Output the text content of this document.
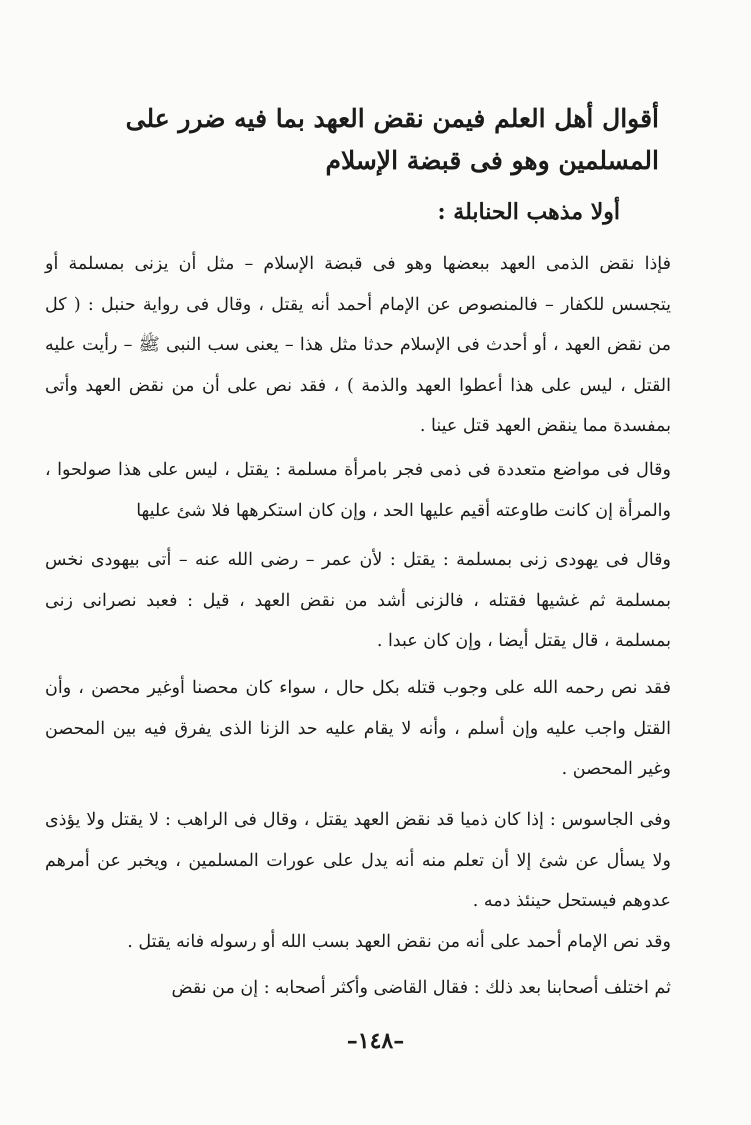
أقوال أهل العلم فيمن نقض العهد بما فيه ضرر على المسلمين وهو فى قبضة الإسلام
أولا مذهب الحنابلة :

فإذا نقض الذمى العهد ببعضها وهو فى قبضة الإسلام – مثل أن يزنى بمسلمة أو يتجسس للكفار – فالمنصوص عن الإمام أحمد أنه يقتل ، وقال فى رواية حنبل : ( كل من نقض العهد ، أو أحدث فى الإسلام حدثا مثل هذا – يعنى سب النبى ﷺ – رأيت عليه القتل ، ليس على هذا أعطوا العهد والذمة ) ، فقد نص على أن من نقض العهد وأتى بمفسدة مما ينقض العهد قتل عينا .

وقال فى مواضع متعددة فى ذمى فجر بامرأة مسلمة : يقتل ، ليس على هذا صولحوا ، والمرأة إن كانت طاوعته أقيم عليها الحد ، وإن كان استكرهها فلا شئ عليها

وقال فى يهودى زنى بمسلمة : يقتل : لأن عمر – رضى الله عنه – أتى بيهودى نخس بمسلمة ثم غشيها فقتله ، فالزنى أشد من نقض العهد ، قيل : فعبد نصرانى زنى بمسلمة ، قال يقتل أيضا ، وإن كان عبدا .

فقد نص رحمه الله على وجوب قتله بكل حال ، سواء كان محصنا أوغير محصن ، وأن القتل واجب عليه وإن أسلم ، وأنه لا يقام عليه حد الزنا الذى يفرق فيه بين المحصن وغير المحصن .

وفى الجاسوس : إذا كان ذميا قد نقض العهد يقتل ، وقال فى الراهب : لا يقتل ولا يؤذى ولا يسأل عن شئ إلا أن تعلم منه أنه يدل على عورات المسلمين ، ويخبر عن أمرهم عدوهم فيستحل حينئذ دمه .

وقد نص الإمام أحمد على أنه من نقض العهد بسب الله أو رسوله فانه يقتل .

ثم اختلف أصحابنا بعد ذلك : فقال القاضى وأكثر أصحابه : إن من نقض

–١٤٨–
